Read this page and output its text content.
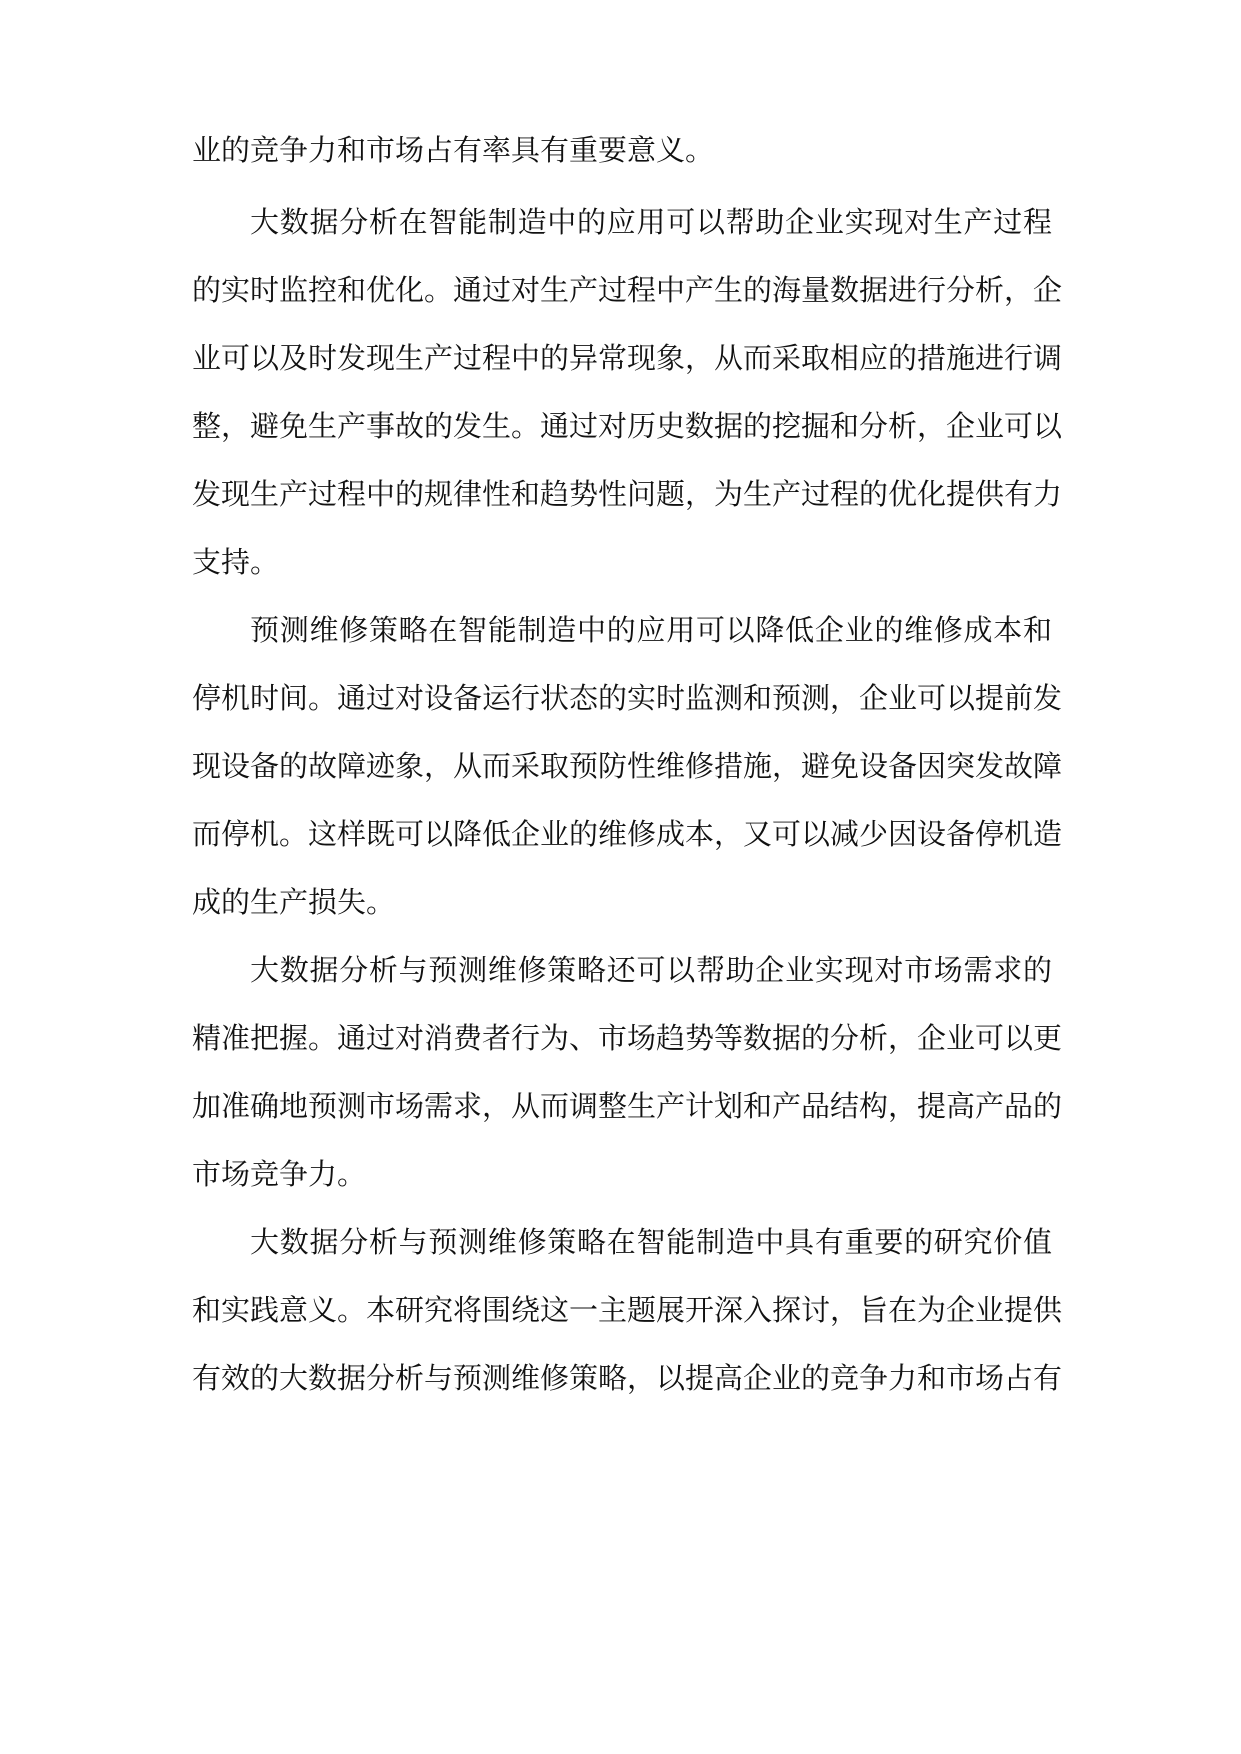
业的竞争力和市场占有率具有重要意义。
大数据分析在智能制造中的应用可以帮助企业实现对生产过程
的实时监控和优化。通过对生产过程中产生的海量数据进行分析，企
业可以及时发现生产过程中的异常现象，从而采取相应的措施进行调
整，避免生产事故的发生。通过对历史数据的挖掘和分析，企业可以
发现生产过程中的规律性和趋势性问题，为生产过程的优化提供有力
支持。
预测维修策略在智能制造中的应用可以降低企业的维修成本和
停机时间。通过对设备运行状态的实时监测和预测，企业可以提前发
现设备的故障迹象，从而采取预防性维修措施，避免设备因突发故障
而停机。这样既可以降低企业的维修成本，又可以减少因设备停机造
成的生产损失。
大数据分析与预测维修策略还可以帮助企业实现对市场需求的
精准把握。通过对消费者行为、市场趋势等数据的分析，企业可以更
加准确地预测市场需求，从而调整生产计划和产品结构，提高产品的
市场竞争力。
大数据分析与预测维修策略在智能制造中具有重要的研究价值
和实践意义。本研究将围绕这一主题展开深入探讨，旨在为企业提供
有效的大数据分析与预测维修策略，以提高企业的竞争力和市场占有
